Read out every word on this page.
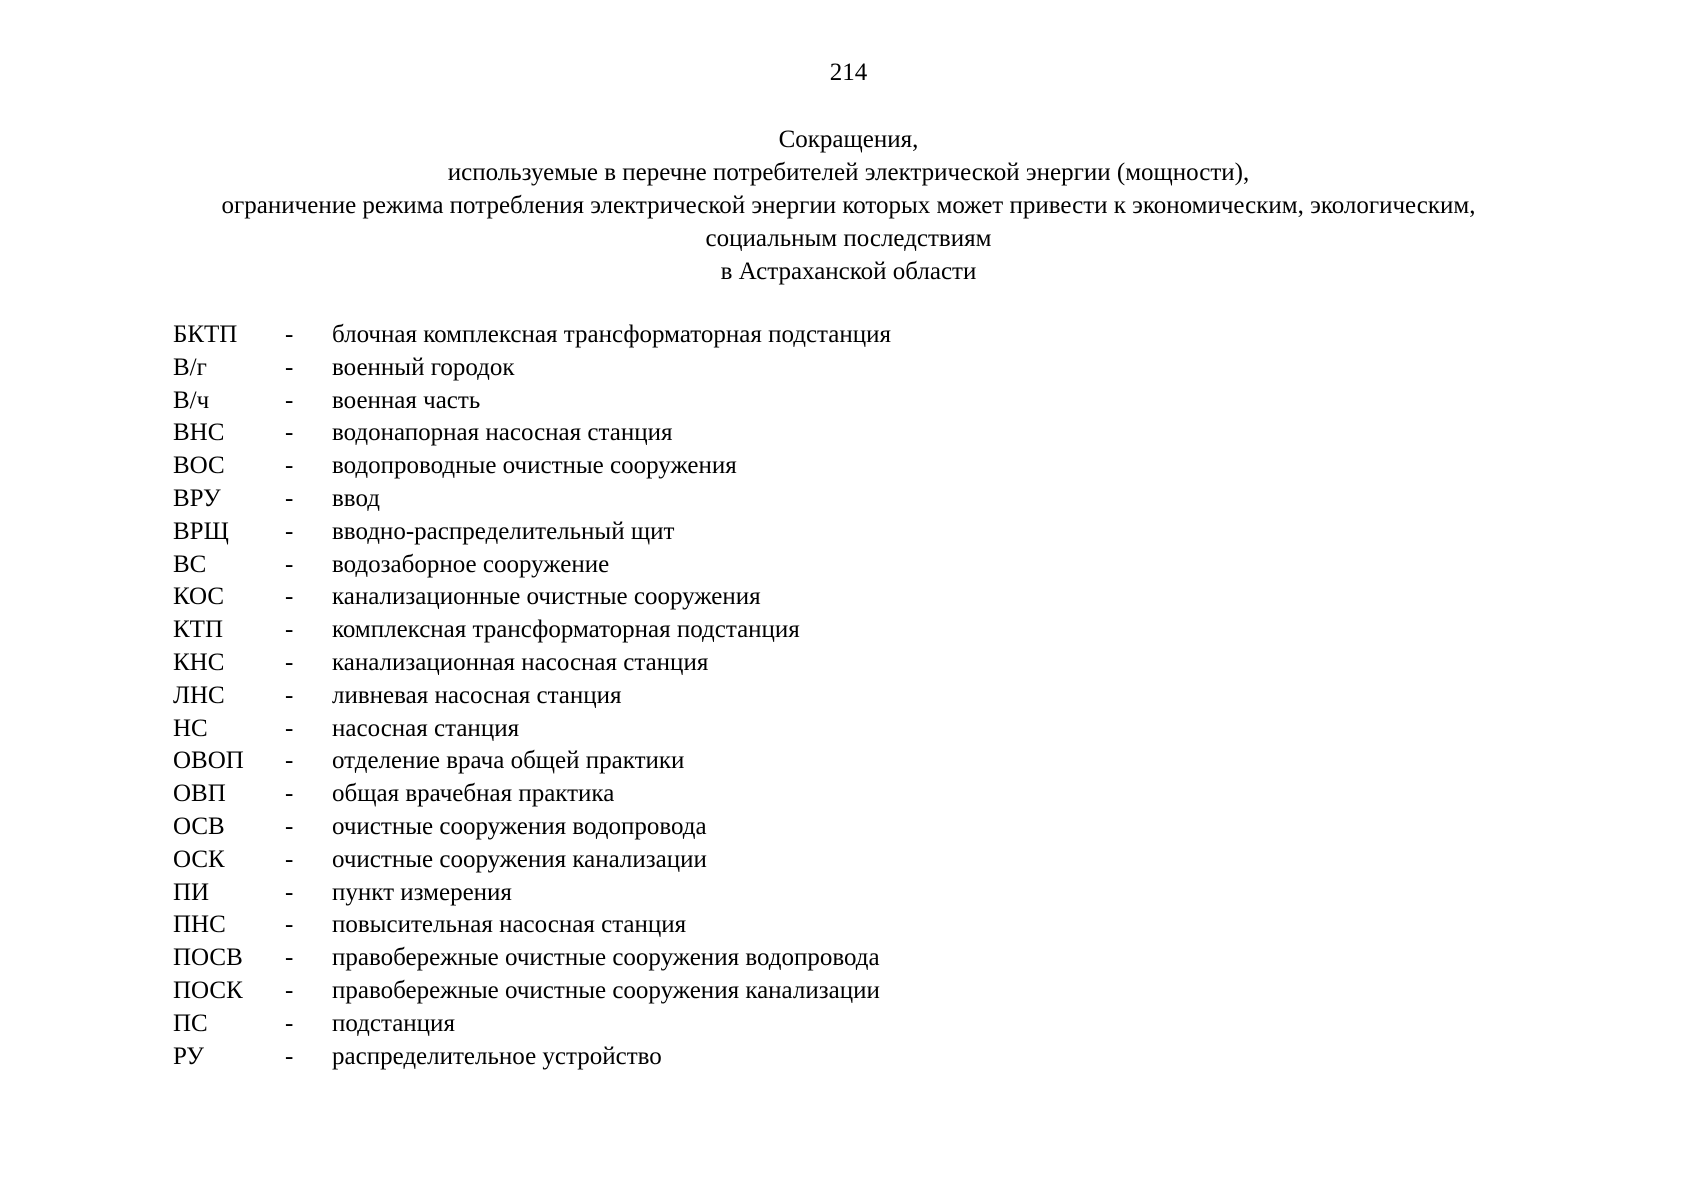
214
Сокращения,
используемые в перечне потребителей электрической энергии (мощности),
ограничение режима потребления электрической энергии которых может привести к экономическим, экологическим,
социальным последствиям
в Астраханской области
БКТП	-	блочная комплексная трансформаторная подстанция
В/г	-	военный городок
В/ч	-	военная часть
ВНС	-	водонапорная насосная станция
ВОС	-	водопроводные очистные сооружения
ВРУ	-	ввод
ВРЩ	-	вводно-распределительный щит
ВС	-	водозаборное сооружение
КОС	-	канализационные очистные сооружения
КТП	-	комплексная трансформаторная подстанция
КНС	-	канализационная насосная станция
ЛНС	-	ливневая насосная станция
НС	-	насосная станция
ОВОП	-	отделение врача общей практики
ОВП	-	общая врачебная практика
ОСВ	-	очистные сооружения водопровода
ОСК	-	очистные сооружения канализации
ПИ	-	пункт измерения
ПНС	-	повысительная насосная станция
ПОСВ	-	правобережные очистные сооружения водопровода
ПОСК	-	правобережные очистные сооружения канализации
ПС	-	подстанция
РУ	-	распределительное устройство
